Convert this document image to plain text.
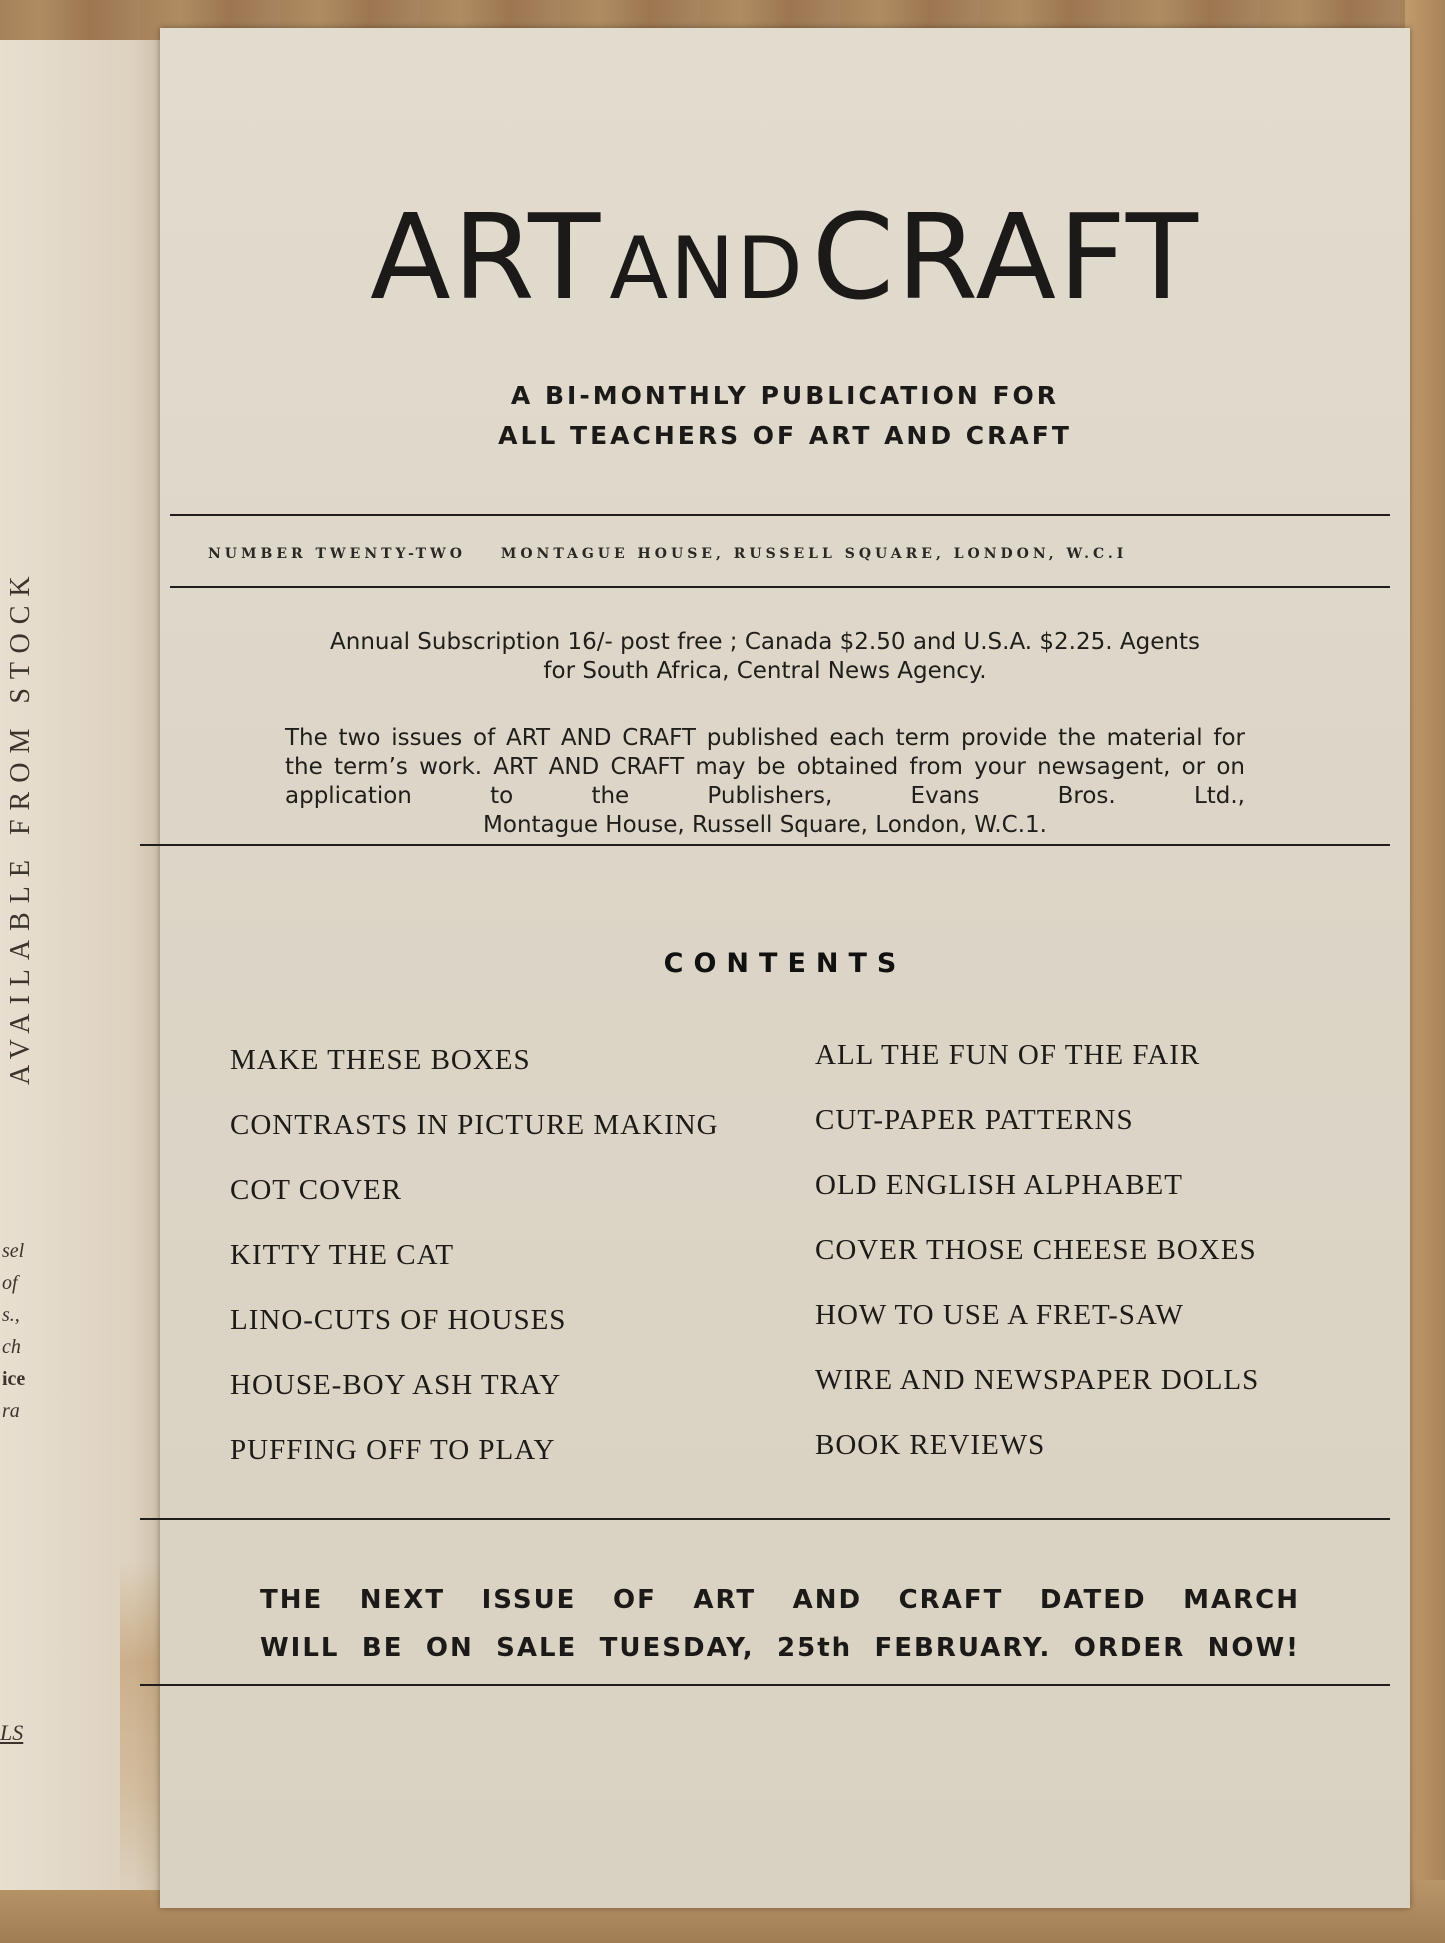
AVAILABLE FROM STOCK
sel
of
s.,
ch
ice
ra
LS
ART AND CRAFT
A BI-MONTHLY PUBLICATION FOR
ALL TEACHERS OF ART AND CRAFT
NUMBER TWENTY-TWO MONTAGUE HOUSE, RUSSELL SQUARE, LONDON, W.C.I
Annual Subscription 16/- post free ; Canada $2.50 and U.S.A. $2.25. Agents
for South Africa, Central News Agency.
The two issues of ART AND CRAFT published each term provide the material for the term’s work. ART AND CRAFT may be obtained from your newsagent, or on application to the Publishers, Evans Bros. Ltd.,
Montague House, Russell Square, London, W.C.1.
CONTENTS
MAKE THESE BOXES
CONTRASTS IN PICTURE MAKING
COT COVER
KITTY THE CAT
LINO-CUTS OF HOUSES
HOUSE-BOY ASH TRAY
PUFFING OFF TO PLAY
ALL THE FUN OF THE FAIR
CUT-PAPER PATTERNS
OLD ENGLISH ALPHABET
COVER THOSE CHEESE BOXES
HOW TO USE A FRET-SAW
WIRE AND NEWSPAPER DOLLS
BOOK REVIEWS
THE NEXT ISSUE OF ART AND CRAFT DATED MARCH
WILL BE ON SALE TUESDAY, 25th FEBRUARY. ORDER NOW!
